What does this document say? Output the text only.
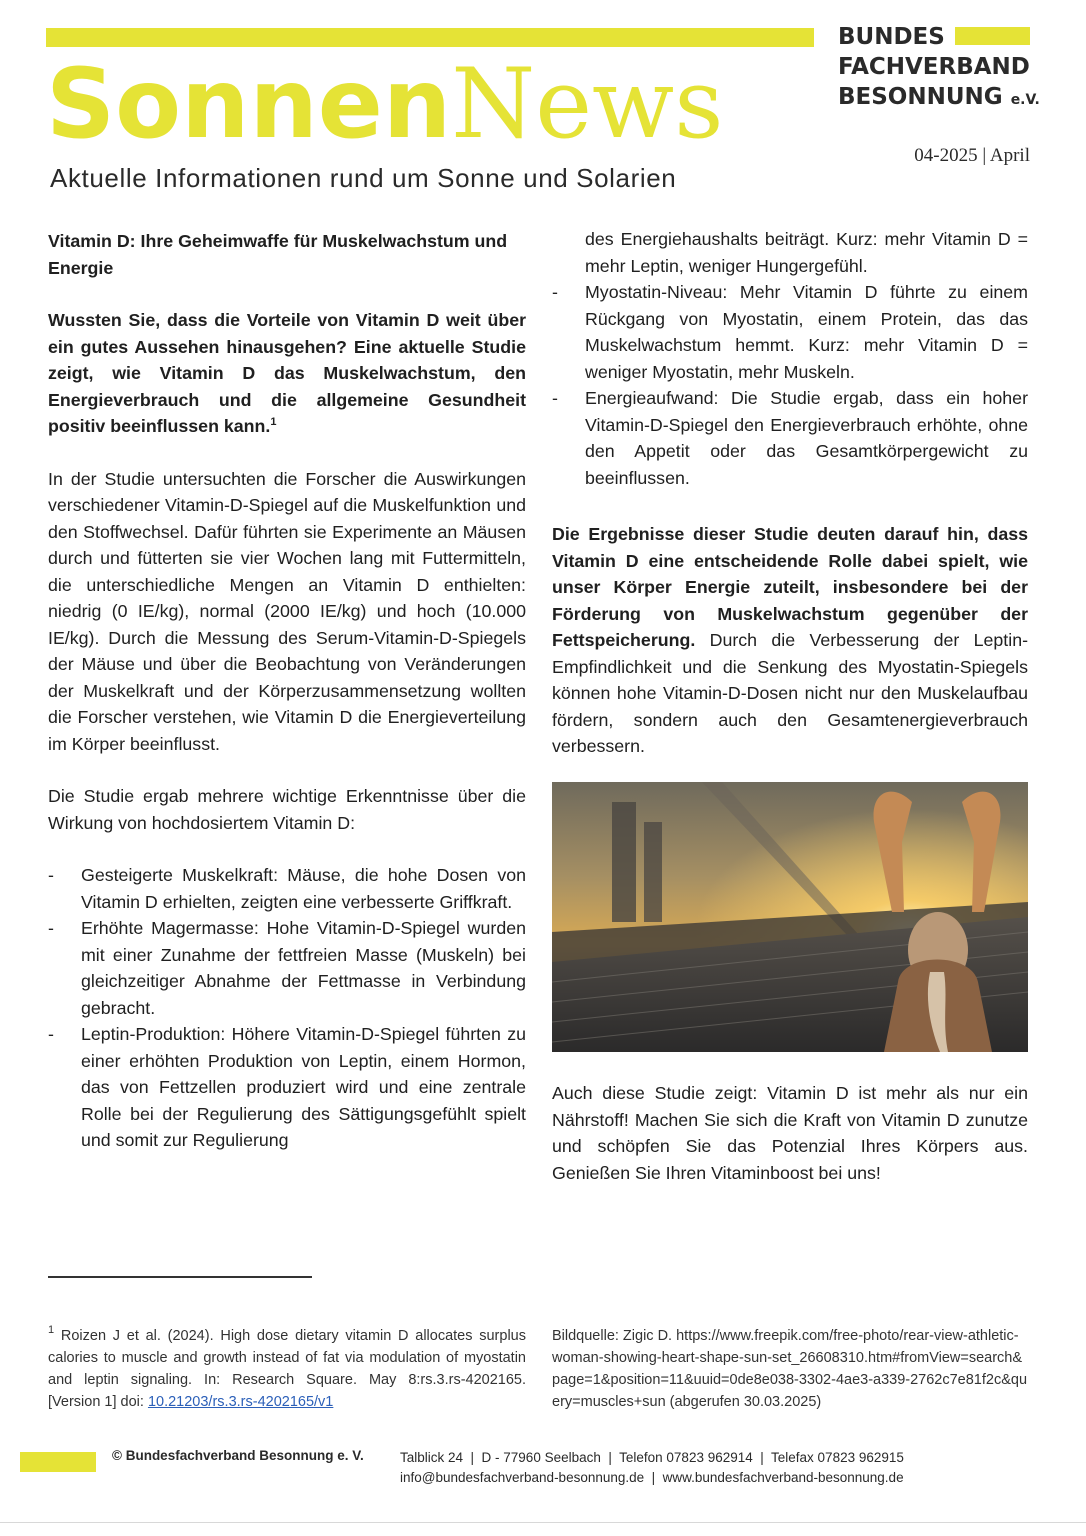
SonnenNews
Aktuelle Informationen rund um Sonne und Solarien
BUNDES
FACHVERBAND
BESONNUNG e.V.
04-2025 | April

Vitamin D: Ihre Geheimwaffe für Muskelwachstum und Energie

Wussten Sie, dass die Vorteile von Vitamin D weit über ein gutes Aussehen hinausgehen? Eine aktuelle Studie zeigt, wie Vitamin D das Muskelwachstum, den Energieverbrauch und die allgemeine Gesundheit positiv beeinflussen kann.$^1$

In der Studie untersuchten die Forscher die Auswirkungen verschiedener Vitamin-D-Spiegel auf die Muskelfunktion und den Stoffwechsel. Dafür führten sie Experimente an Mäusen durch und fütterten sie vier Wochen lang mit Futtermitteln, die unterschiedliche Mengen an Vitamin D enthielten: niedrig (0 IE/kg), normal (2000 IE/kg) und hoch (10.000 IE/kg). Durch die Messung des Serum-Vitamin-D-Spiegels der Mäuse und über die Beobachtung von Veränderungen der Muskelkraft und der Körperzusammensetzung wollten die Forscher verstehen, wie Vitamin D die Energieverteilung im Körper beeinflusst.

Die Studie ergab mehrere wichtige Erkenntnisse über die Wirkung von hochdosiertem Vitamin D:

- Gesteigerte Muskelkraft: Mäuse, die hohe Dosen von Vitamin D erhielten, zeigten eine verbesserte Griffkraft.
- Erhöhte Magermasse: Hohe Vitamin-D-Spiegel wurden mit einer Zunahme der fettfreien Masse (Muskeln) bei gleichzeitiger Abnahme der Fettmasse in Verbindung gebracht.
- Leptin-Produktion: Höhere Vitamin-D-Spiegel führten zu einer erhöhten Produktion von Leptin, einem Hormon, das von Fettzellen produziert wird und eine zentrale Rolle bei der Regulierung des Sättigungsgefühlt spielt und somit zur Regulierung
des Energiehaushalts beiträgt. Kurz: mehr Vitamin D = mehr Leptin, weniger Hungergefühl.
- Myostatin-Niveau: Mehr Vitamin D führte zu einem Rückgang von Myostatin, einem Protein, das das Muskelwachstum hemmt. Kurz: mehr Vitamin D = weniger Myostatin, mehr Muskeln.
- Energieaufwand: Die Studie ergab, dass ein hoher Vitamin-D-Spiegel den Energieverbrauch erhöhte, ohne den Appetit oder das Gesamtkörpergewicht zu beeinflussen.

Die Ergebnisse dieser Studie deuten darauf hin, dass Vitamin D eine entscheidende Rolle dabei spielt, wie unser Körper Energie zuteilt, insbesondere bei der Förderung von Muskelwachstum gegenüber der Fettspeicherung. Durch die Verbesserung der Leptin-Empfindlichkeit und die Senkung des Myostatin-Spiegels können hohe Vitamin-D-Dosen nicht nur den Muskelaufbau fördern, sondern auch den Gesamtenergieverbrauch verbessern.

Auch diese Studie zeigt: Vitamin D ist mehr als nur ein Nährstoff! Machen Sie sich die Kraft von Vitamin D zunutze und schöpfen Sie das Potenzial Ihres Körpers aus. Genießen Sie Ihren Vitaminboost bei uns!

$^1$ Roizen J et al. (2024). High dose dietary vitamin D allocates surplus calories to muscle and growth instead of fat via modulation of myostatin and leptin signaling. In: Research Square. May 8:rs.3.rs-4202165. [Version 1] doi: 10.21203/rs.3.rs-4202165/v1
Bildquelle: Zigic D. https://www.freepik.com/free-photo/rear-view-athletic-woman-showing-heart-shape-sun-set_26608310.htm#fromView=search&page=1&position=11&uuid=0de8e038-3302-4ae3-a339-2762c7e81f2c&query=muscles+sun (abgerufen 30.03.2025)
© Bundesfachverband Besonnung e. V.	Talblick 24  |  D - 77960 Seelbach  |  Telefon 07823 962914  |  Telefax 07823 962915
info@bundesfachverband-besonnung.de  |  www.bundesfachverband-besonnung.de
